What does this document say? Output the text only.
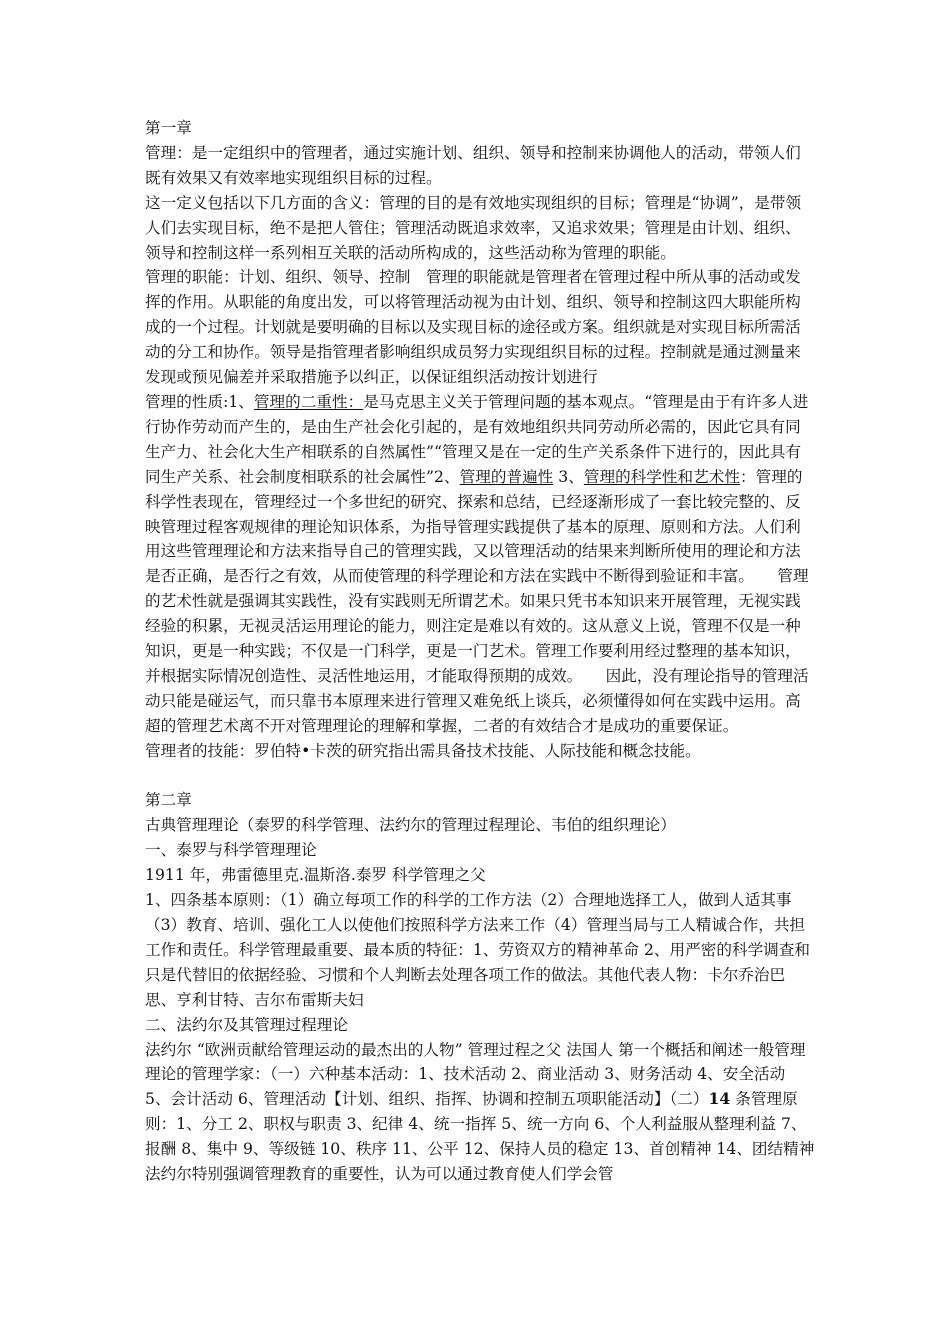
第一章

管理：是一定组织中的管理者，通过实施计划、组织、领导和控制来协调他人的活动，带领人们既有效果又有效率地实现组织目标的过程。

这一定义包括以下几方面的含义：管理的目的是有效地实现组织的目标；管理是“协调”，是带领人们去实现目标，绝不是把人管住；管理活动既追求效率，又追求效果；管理是由计划、组织、领导和控制这样一系列相互关联的活动所构成的，这些活动称为管理的职能。

管理的职能：计划、组织、领导、控制　管理的职能就是管理者在管理过程中所从事的活动或发挥的作用。从职能的角度出发，可以将管理活动视为由计划、组织、领导和控制这四大职能所构成的一个过程。计划就是要明确的目标以及实现目标的途径或方案。组织就是对实现目标所需活动的分工和协作。领导是指管理者影响组织成员努力实现组织目标的过程。控制就是通过测量来发现或预见偏差并采取措施予以纠正，以保证组织活动按计划进行

管理的性质:1、管理的二重性：是马克思主义关于管理问题的基本观点。“管理是由于有许多人进行协作劳动而产生的，是由生产社会化引起的，是有效地组织共同劳动所必需的，因此它具有同生产力、社会化大生产相联系的自然属性”“管理又是在一定的生产关系条件下进行的，因此具有同生产关系、社会制度相联系的社会属性”2、管理的普遍性 3、管理的科学性和艺术性：管理的科学性表现在，管理经过一个多世纪的研究、探索和总结，已经逐渐形成了一套比较完整的、反映管理过程客观规律的理论知识体系，为指导管理实践提供了基本的原理、原则和方法。人们利用这些管理理论和方法来指导自己的管理实践，又以管理活动的结果来判断所使用的理论和方法是否正确，是否行之有效，从而使管理的科学理论和方法在实践中不断得到验证和丰富。　　管理的艺术性就是强调其实践性，没有实践则无所谓艺术。如果只凭书本知识来开展管理，无视实践经验的积累，无视灵活运用理论的能力，则注定是难以有效的。这从意义上说，管理不仅是一种知识，更是一种实践；不仅是一门科学，更是一门艺术。管理工作要利用经过整理的基本知识，并根据实际情况创造性、灵活性地运用，才能取得预期的成效。　　因此，没有理论指导的管理活动只能是碰运气，而只靠书本原理来进行管理又难免纸上谈兵，必须懂得如何在实践中运用。高超的管理艺术离不开对管理理论的理解和掌握，二者的有效结合才是成功的重要保证。

管理者的技能：罗伯特•卡茨的研究指出需具备技术技能、人际技能和概念技能。

第二章

古典管理理论（泰罗的科学管理、法约尔的管理过程理论、韦伯的组织理论）

一、泰罗与科学管理理论

1911 年，弗雷德里克.温斯洛.泰罗 科学管理之父

1、四条基本原则：（1）确立每项工作的科学的工作方法（2）合理地选择工人，做到人适其事（3）教育、培训、强化工人以使他们按照科学方法来工作（4）管理当局与工人精诚合作，共担工作和责任。科学管理最重要、最本质的特征：1、劳资双方的精神革命 2、用严密的科学调查和只是代替旧的依据经验、习惯和个人判断去处理各项工作的做法。其他代表人物：卡尔乔治巴思、亨利甘特、吉尔布雷斯夫妇

二、法约尔及其管理过程理论

法约尔 “欧洲贡献给管理运动的最杰出的人物” 管理过程之父 法国人 第一个概括和阐述一般管理理论的管理学家：（一）六种基本活动：1、技术活动 2、商业活动 3、财务活动 4、安全活动 5、会计活动 6、管理活动【计划、组织、指挥、协调和控制五项职能活动】（二）14 条管理原则：1、分工 2、职权与职责 3、纪律 4、统一指挥 5、统一方向 6、个人利益服从整理利益 7、报酬 8、集中 9、等级链 10、秩序 11、公平 12、保持人员的稳定 13、首创精神 14、团结精神　法约尔特别强调管理教育的重要性，认为可以通过教育使人们学会管
